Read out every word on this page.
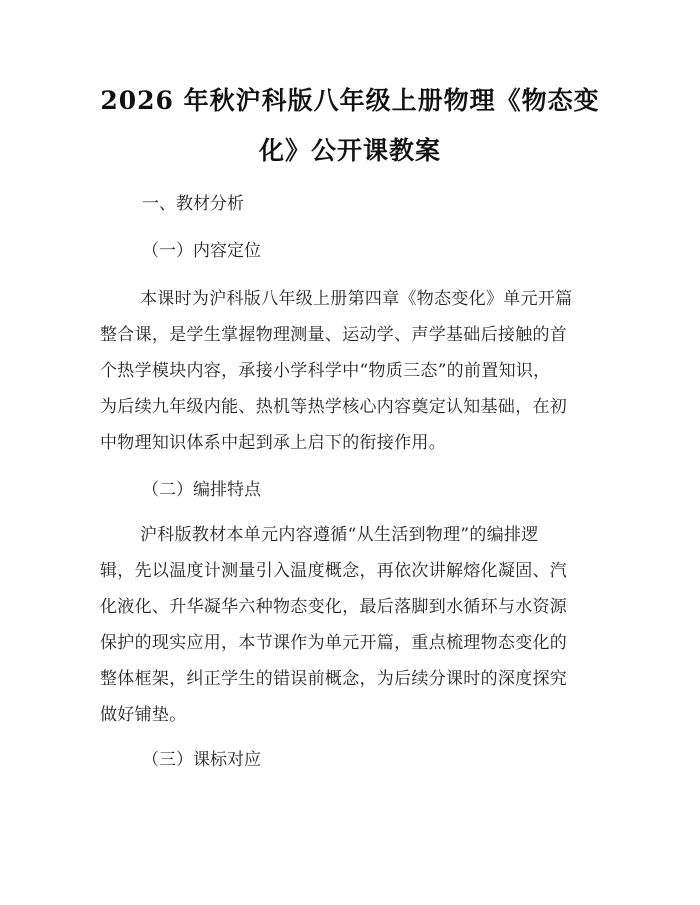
2026 年秋沪科版八年级上册物理《物态变
化》公开课教案
一、教材分析
（一）内容定位
本课时为沪科版八年级上册第四章《物态变化》单元开篇
整合课，是学生掌握物理测量、运动学、声学基础后接触的首
个热学模块内容，承接小学科学中“物质三态”的前置知识，
为后续九年级内能、热机等热学核心内容奠定认知基础，在初
中物理知识体系中起到承上启下的衔接作用。
（二）编排特点
沪科版教材本单元内容遵循“从生活到物理”的编排逻
辑，先以温度计测量引入温度概念，再依次讲解熔化凝固、汽
化液化、升华凝华六种物态变化，最后落脚到水循环与水资源
保护的现实应用，本节课作为单元开篇，重点梳理物态变化的
整体框架，纠正学生的错误前概念，为后续分课时的深度探究
做好铺垫。
（三）课标对应
